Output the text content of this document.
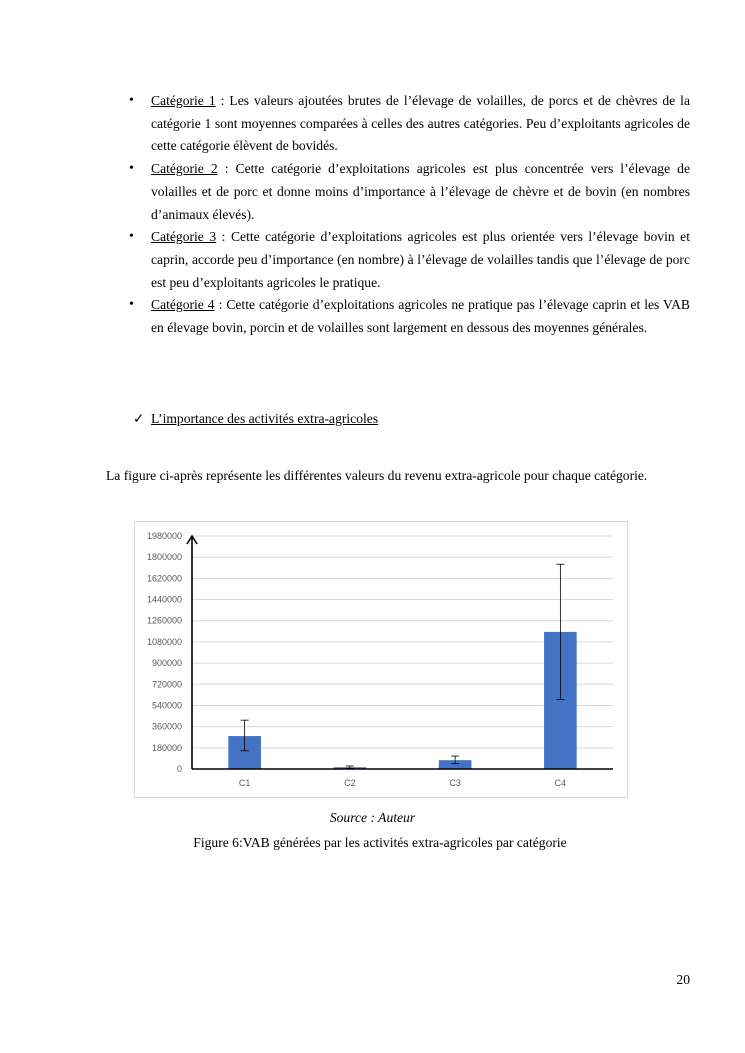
• Catégorie 1 : Les valeurs ajoutées brutes de l’élevage de volailles, de porcs et de chèvres de la catégorie 1 sont moyennes comparées à celles des autres catégories. Peu d’exploitants agricoles de cette catégorie élèvent de bovidés.
• Catégorie 2 : Cette catégorie d’exploitations agricoles est plus concentrée vers l’élevage de volailles et de porc et donne moins d’importance à l’élevage de chèvre et de bovin (en nombres d’animaux élevés).
• Catégorie 3 : Cette catégorie d’exploitations agricoles est plus orientée vers l’élevage bovin et caprin, accorde peu d’importance (en nombre) à l’élevage de volailles tandis que l’élevage de porc est peu d’exploitants agricoles le pratique.
• Catégorie 4 : Cette catégorie d’exploitations agricoles ne pratique pas l’élevage caprin et les VAB en élevage bovin, porcin et de volailles sont largement en dessous des moyennes générales.
✓ L’importance des activités extra-agricoles
La figure ci-après représente les différentes valeurs du revenu extra-agricole pour chaque catégorie.
0
180000
360000
540000
720000
900000
1080000
1260000
1440000
1620000
1800000
1980000
C1	C2	C3	C4
Source : Auteur
Figure 6:VAB générées par les activités extra-agricoles par catégorie
20
